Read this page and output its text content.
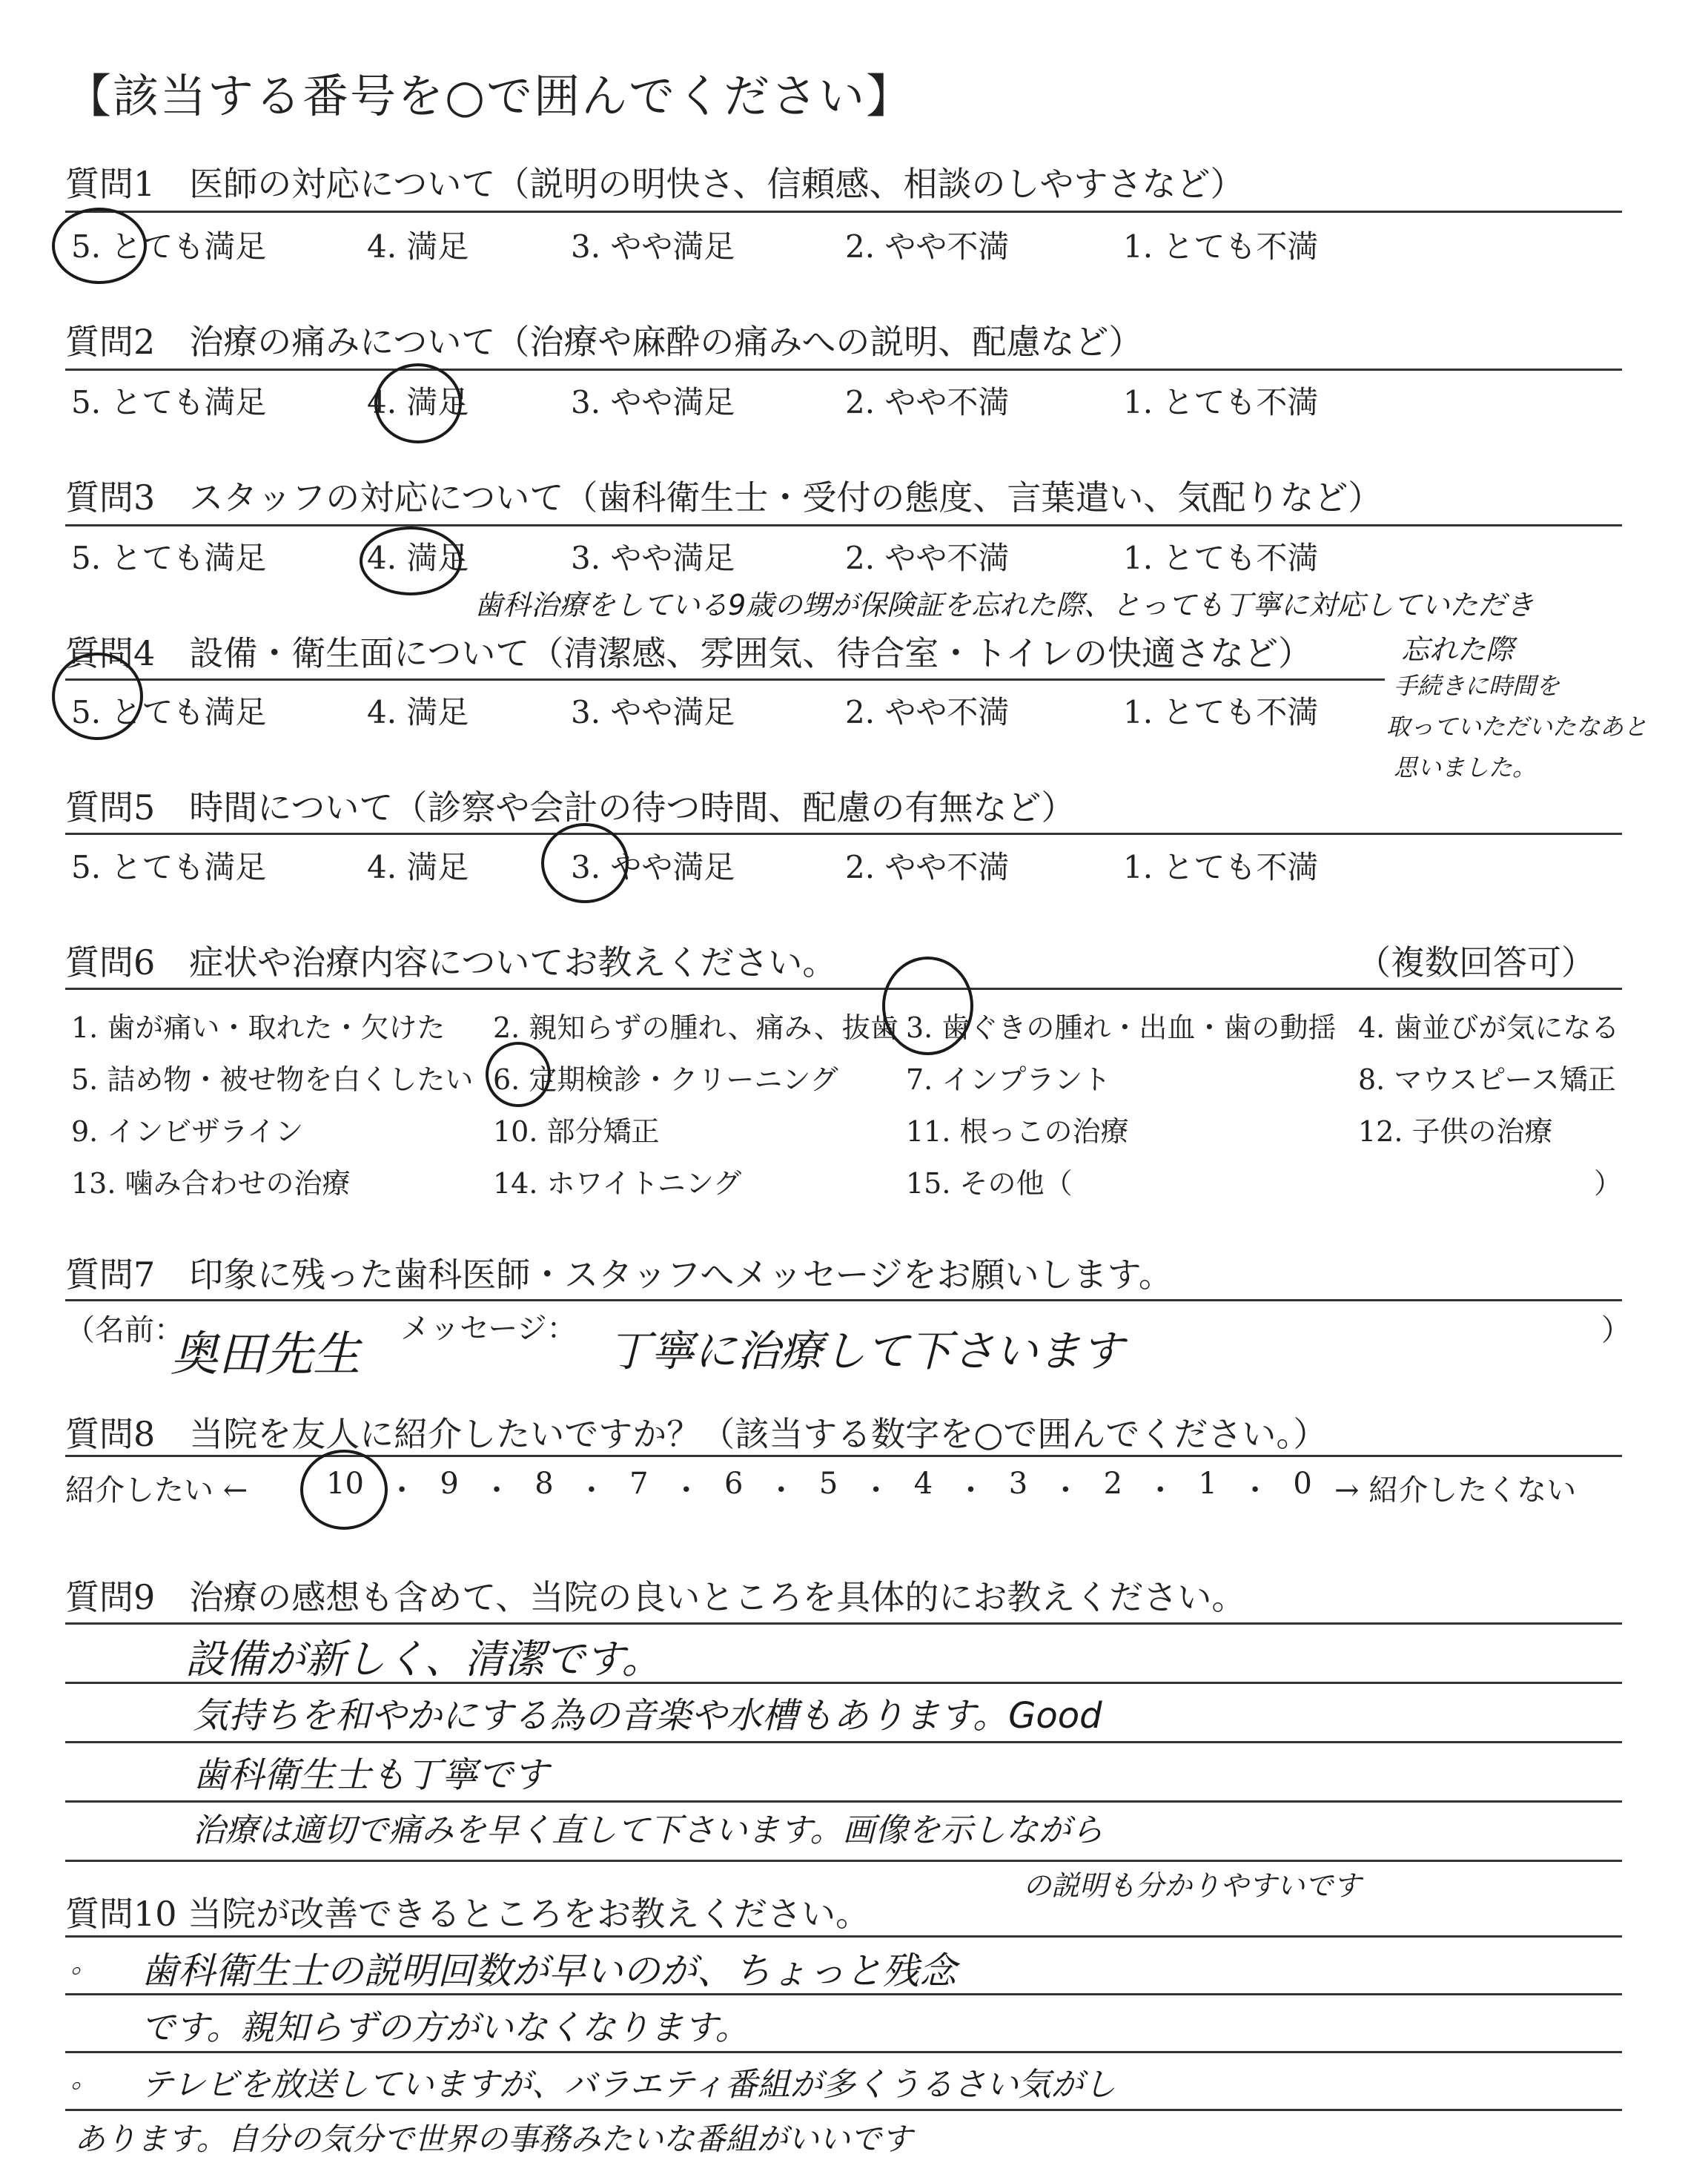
【該当する番号を○で囲んでください】
質問1　医師の対応について（説明の明快さ、信頼感、相談のしやすさなど）
5. とても満足	4. 満足	3. やや満足	2. やや不満	1. とても不満
質問2　治療の痛みについて（治療や麻酔の痛みへの説明、配慮など）
5. とても満足	4. 満足	3. やや満足	2. やや不満	1. とても不満
質問3　スタッフの対応について（歯科衛生士・受付の態度、言葉遣い、気配りなど）
5. とても満足	4. 満足	3. やや満足	2. やや不満	1. とても不満
歯科治療をしている9歳の甥が保険証を忘れた際、とっても丁寧に対応していただき
忘れた際
手続きに時間を
取っていただいたなあと
思いました。
質問4　設備・衛生面について（清潔感、雰囲気、待合室・トイレの快適さなど）
5. とても満足	4. 満足	3. やや満足	2. やや不満	1. とても不満
質問5　時間について（診察や会計の待つ時間、配慮の有無など）
5. とても満足	4. 満足	3. やや満足	2. やや不満	1. とても不満
質問6　症状や治療内容についてお教えください。	（複数回答可）
1. 歯が痛い・取れた・欠けた 2. 親知らずの腫れ、痛み、抜歯 3. 歯ぐきの腫れ・出血・歯の動揺 4. 歯並びが気になる
5. 詰め物・被せ物を白くしたい 6. 定期検診・クリーニング 7. インプラント	8. マウスピース矯正
9. インビザライン	10. 部分矯正	11. 根っこの治療	12. 子供の治療
13. 噛み合わせの治療	14. ホワイトニング	15. その他（	）
質問7　印象に残った歯科医師・スタッフへメッセージをお願いします。
（名前：	メッセージ：	）
奥田先生	丁寧に治療して下さいます
質問8　当院を友人に紹介したいですか？（該当する数字を○で囲んでください。）
紹介したい ←	→ 紹介したくない
10 ・ 9 ・ 8 ・ 7 ・ 6 ・ 5 ・ 4 ・ 3 ・ 2 ・ 1 ・ 0
質問9　治療の感想も含めて、当院の良いところを具体的にお教えください。
設備が新しく、清潔です。
気持ちを和やかにする為の音楽や水槽もあります。Good
歯科衛生士も丁寧です
治療は適切で痛みを早く直して下さいます。画像を示しながら
の説明も分かりやすいです
質問10 当院が改善できるところをお教えください。
。
。
歯科衛生士の説明回数が早いのが、ちょっと残念
です。親知らずの方がいなくなります。
テレビを放送していますが、バラエティ番組が多くうるさい気がし
あります。自分の気分で世界の事務みたいな番組がいいです
